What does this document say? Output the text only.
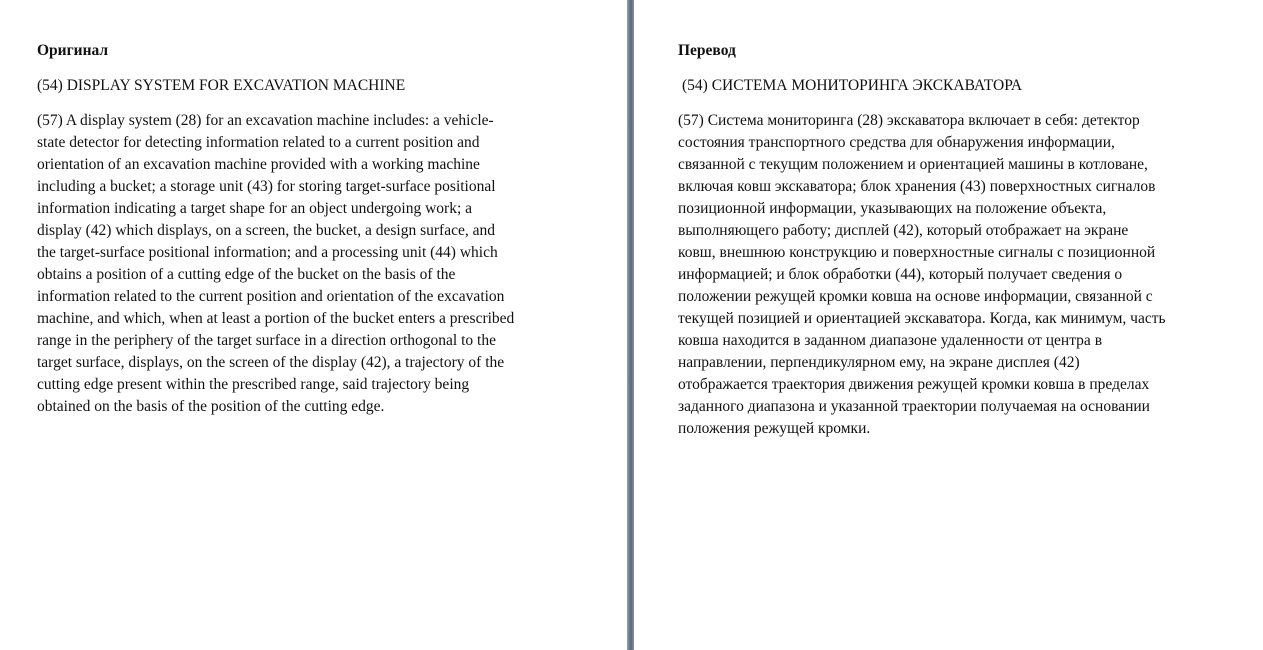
Оригинал
(54) DISPLAY SYSTEM FOR EXCAVATION MACHINE
(57) A display system (28) for an excavation machine includes: a vehicle-
state detector for detecting information related to a current position and
orientation of an excavation machine provided with a working machine
including a bucket; a storage unit (43) for storing target-surface positional
information indicating a target shape for an object undergoing work; a
display (42) which displays, on a screen, the bucket, a design surface, and
the target-surface positional information; and a processing unit (44) which
obtains a position of a cutting edge of the bucket on the basis of the
information related to the current position and orientation of the excavation
machine, and which, when at least a portion of the bucket enters a prescribed
range in the periphery of the target surface in a direction orthogonal to the
target surface, displays, on the screen of the display (42), a trajectory of the
cutting edge present within the prescribed range, said trajectory being
obtained on the basis of the position of the cutting edge.
Перевод
(54) СИСТЕМА МОНИТОРИНГА ЭКСКАВАТОРА
(57) Система мониторинга (28) экскаватора включает в себя: детектор
состояния транспортного средства для обнаружения информации,
связанной с текущим положением и ориентацией машины в котловане,
включая ковш экскаватора; блок хранения (43) поверхностных сигналов
позиционной информации, указывающих на положение объекта,
выполняющего работу; дисплей (42), который отображает на экране
ковш, внешнюю конструкцию и поверхностные сигналы с позиционной
информацией; и блок обработки (44), который получает сведения о
положении режущей кромки ковша на основе информации, связанной с
текущей позицией и ориентацией экскаватора. Когда, как минимум, часть
ковша находится в заданном диапазоне удаленности от центра в
направлении, перпендикулярном ему, на экране дисплея (42)
отображается траектория движения режущей кромки ковша в пределах
заданного диапазона и указанной траектории получаемая на основании
положения режущей кромки.
